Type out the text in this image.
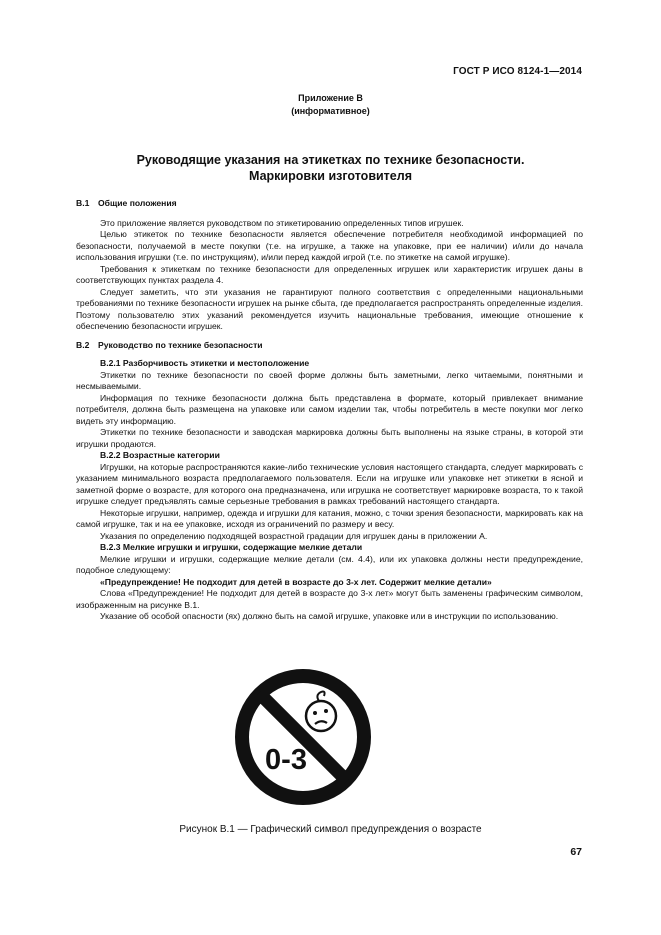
ГОСТ Р ИСО 8124-1—2014
Приложение В
(информативное)
Руководящие указания на этикетках по технике безопасности.
Маркировки изготовителя
В.1 Общие положения

Это приложение является руководством по этикетированию определенных типов игрушек.

Целью этикеток по технике безопасности является обеспечение потребителя необходимой информацией по безопасности, получаемой в месте покупки (т.е. на игрушке, а также на упаковке, при ее наличии) и/или до начала использования игрушки (т.е. по инструкциям), и/или перед каждой игрой (т.е. по этикетке на самой игрушке).

Требования к этикеткам по технике безопасности для определенных игрушек или характеристик игрушек даны в соответствующих пунктах раздела 4.

Следует заметить, что эти указания не гарантируют полного соответствия с определенными национальными требованиями по технике безопасности игрушек на рынке сбыта, где предполагается распространять определенные изделия. Поэтому пользователю этих указаний рекомендуется изучить национальные требования, имеющие отношение к обеспечению безопасности игрушек.

В.2 Руководство по технике безопасности
В.2.1 Разборчивость этикетки и местоположение

Этикетки по технике безопасности по своей форме должны быть заметными, легко читаемыми, понятными и несмываемыми.

Информация по технике безопасности должна быть представлена в формате, который привлекает внимание потребителя, должна быть размещена на упаковке или самом изделии так, чтобы потребитель в месте покупки мог легко видеть эту информацию.

Этикетки по технике безопасности и заводская маркировка должны быть выполнены на языке страны, в которой эти игрушки продаются.

В.2.2 Возрастные категории

Игрушки, на которые распространяются какие-либо технические условия настоящего стандарта, следует маркировать с указанием минимального возраста предполагаемого пользователя. Если на игрушке или упаковке нет этикетки в ясной и заметной форме о возрасте, для которого она предназначена, или игрушка не соответствует маркировке возраста, то к такой игрушке следует предъявлять самые серьезные требования в рамках требований настоящего стандарта.

Некоторые игрушки, например, одежда и игрушки для катания, можно, с точки зрения безопасности, маркировать как на самой игрушке, так и на ее упаковке, исходя из ограничений по размеру и весу.

Указания по определению подходящей возрастной градации для игрушек даны в приложении А.

В.2.3 Мелкие игрушки и игрушки, содержащие мелкие детали

Мелкие игрушки и игрушки, содержащие мелкие детали (см. 4.4), или их упаковка должны нести предупреждение, подобное следующему:

«Предупреждение! Не подходит для детей в возрасте до 3-х лет. Содержит мелкие детали»

Слова «Предупреждение! Не подходит для детей в возрасте до 3-х лет» могут быть заменены графическим символом, изображенным на рисунке В.1.

Указание об особой опасности (ях) должно быть на самой игрушке, упаковке или в инструкции по использованию.

0-3
Рисунок В.1 — Графический символ предупреждения о возрасте
67
